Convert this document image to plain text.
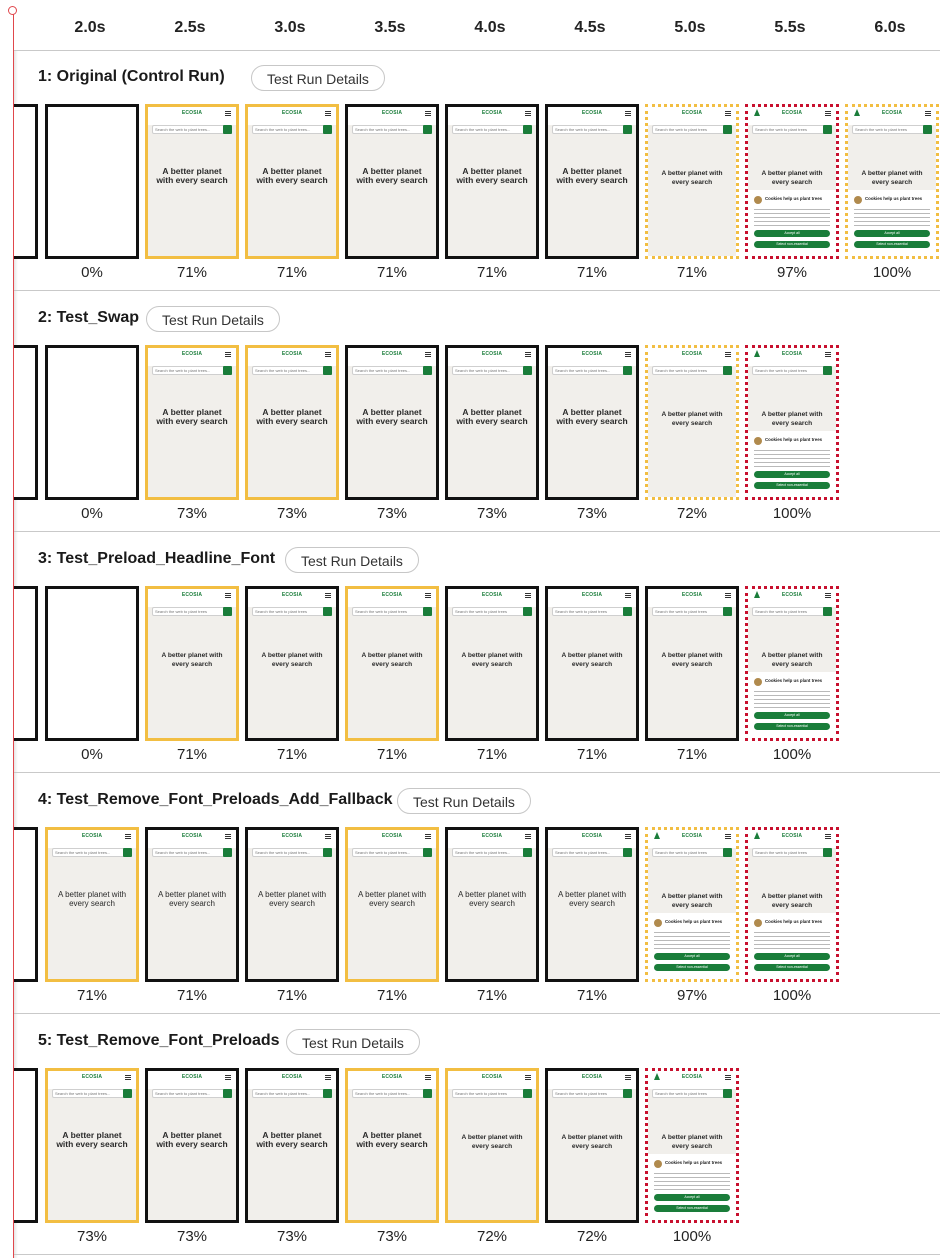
2.0s	2.5s	3.0s	3.5s	4.0s	4.5s	5.0s	5.5s	6.0s
1: Original (Control Run)	Test Run Details
0%
ECOSIA
Search the web to plant trees...
A better planet
with every search
71%
ECOSIA
Search the web to plant trees...
A better planet
with every search
71%
ECOSIA
Search the web to plant trees...
A better planet
with every search
71%
ECOSIA
Search the web to plant trees...
A better planet
with every search
71%
ECOSIA
Search the web to plant trees...
A better planet
with every search
71%
ECOSIA
Search the web to plant trees
A better planet with
every search
71%
ECOSIA
Search the web to plant trees
A better planet with
every search
Cookies help us plant trees
Accept all
Select non-essential
97%
ECOSIA
Search the web to plant trees
A better planet with
every search
Cookies help us plant trees
Accept all
Select non-essential
100%
2: Test_Swap	Test Run Details
0%
ECOSIA
Search the web to plant trees...
A better planet
with every search
73%
ECOSIA
Search the web to plant trees...
A better planet
with every search
73%
ECOSIA
Search the web to plant trees...
A better planet
with every search
73%
ECOSIA
Search the web to plant trees...
A better planet
with every search
73%
ECOSIA
Search the web to plant trees...
A better planet
with every search
73%
ECOSIA
Search the web to plant trees
A better planet with
every search
72%
ECOSIA
Search the web to plant trees
A better planet with
every search
Cookies help us plant trees
Accept all
Select non-essential
100%
3: Test_Preload_Headline_Font	Test Run Details
0%
ECOSIA
Search the web to plant trees
A better planet with
every search
71%
ECOSIA
Search the web to plant trees
A better planet with
every search
71%
ECOSIA
Search the web to plant trees
A better planet with
every search
71%
ECOSIA
Search the web to plant trees
A better planet with
every search
71%
ECOSIA
Search the web to plant trees
A better planet with
every search
71%
ECOSIA
Search the web to plant trees
A better planet with
every search
71%
ECOSIA
Search the web to plant trees
A better planet with
every search
Cookies help us plant trees
Accept all
Select non-essential
100%
4: Test_Remove_Font_Preloads_Add_Fallback	Test Run Details
ECOSIA
Search the web to plant trees...
A better planet with
every search
71%
ECOSIA
Search the web to plant trees...
A better planet with
every search
71%
ECOSIA
Search the web to plant trees...
A better planet with
every search
71%
ECOSIA
Search the web to plant trees...
A better planet with
every search
71%
ECOSIA
Search the web to plant trees...
A better planet with
every search
71%
ECOSIA
Search the web to plant trees...
A better planet with
every search
71%
ECOSIA
Search the web to plant trees
A better planet with
every search
Cookies help us plant trees
Accept all
Select non-essential
97%
ECOSIA
Search the web to plant trees
A better planet with
every search
Cookies help us plant trees
Accept all
Select non-essential
100%
5: Test_Remove_Font_Preloads	Test Run Details
ECOSIA
Search the web to plant trees...
A better planet
with every search
73%
ECOSIA
Search the web to plant trees...
A better planet
with every search
73%
ECOSIA
Search the web to plant trees...
A better planet
with every search
73%
ECOSIA
Search the web to plant trees...
A better planet
with every search
73%
ECOSIA
Search the web to plant trees
A better planet with
every search
72%
ECOSIA
Search the web to plant trees
A better planet with
every search
72%
ECOSIA
Search the web to plant trees
A better planet with
every search
Cookies help us plant trees
Accept all
Select non-essential
100%
